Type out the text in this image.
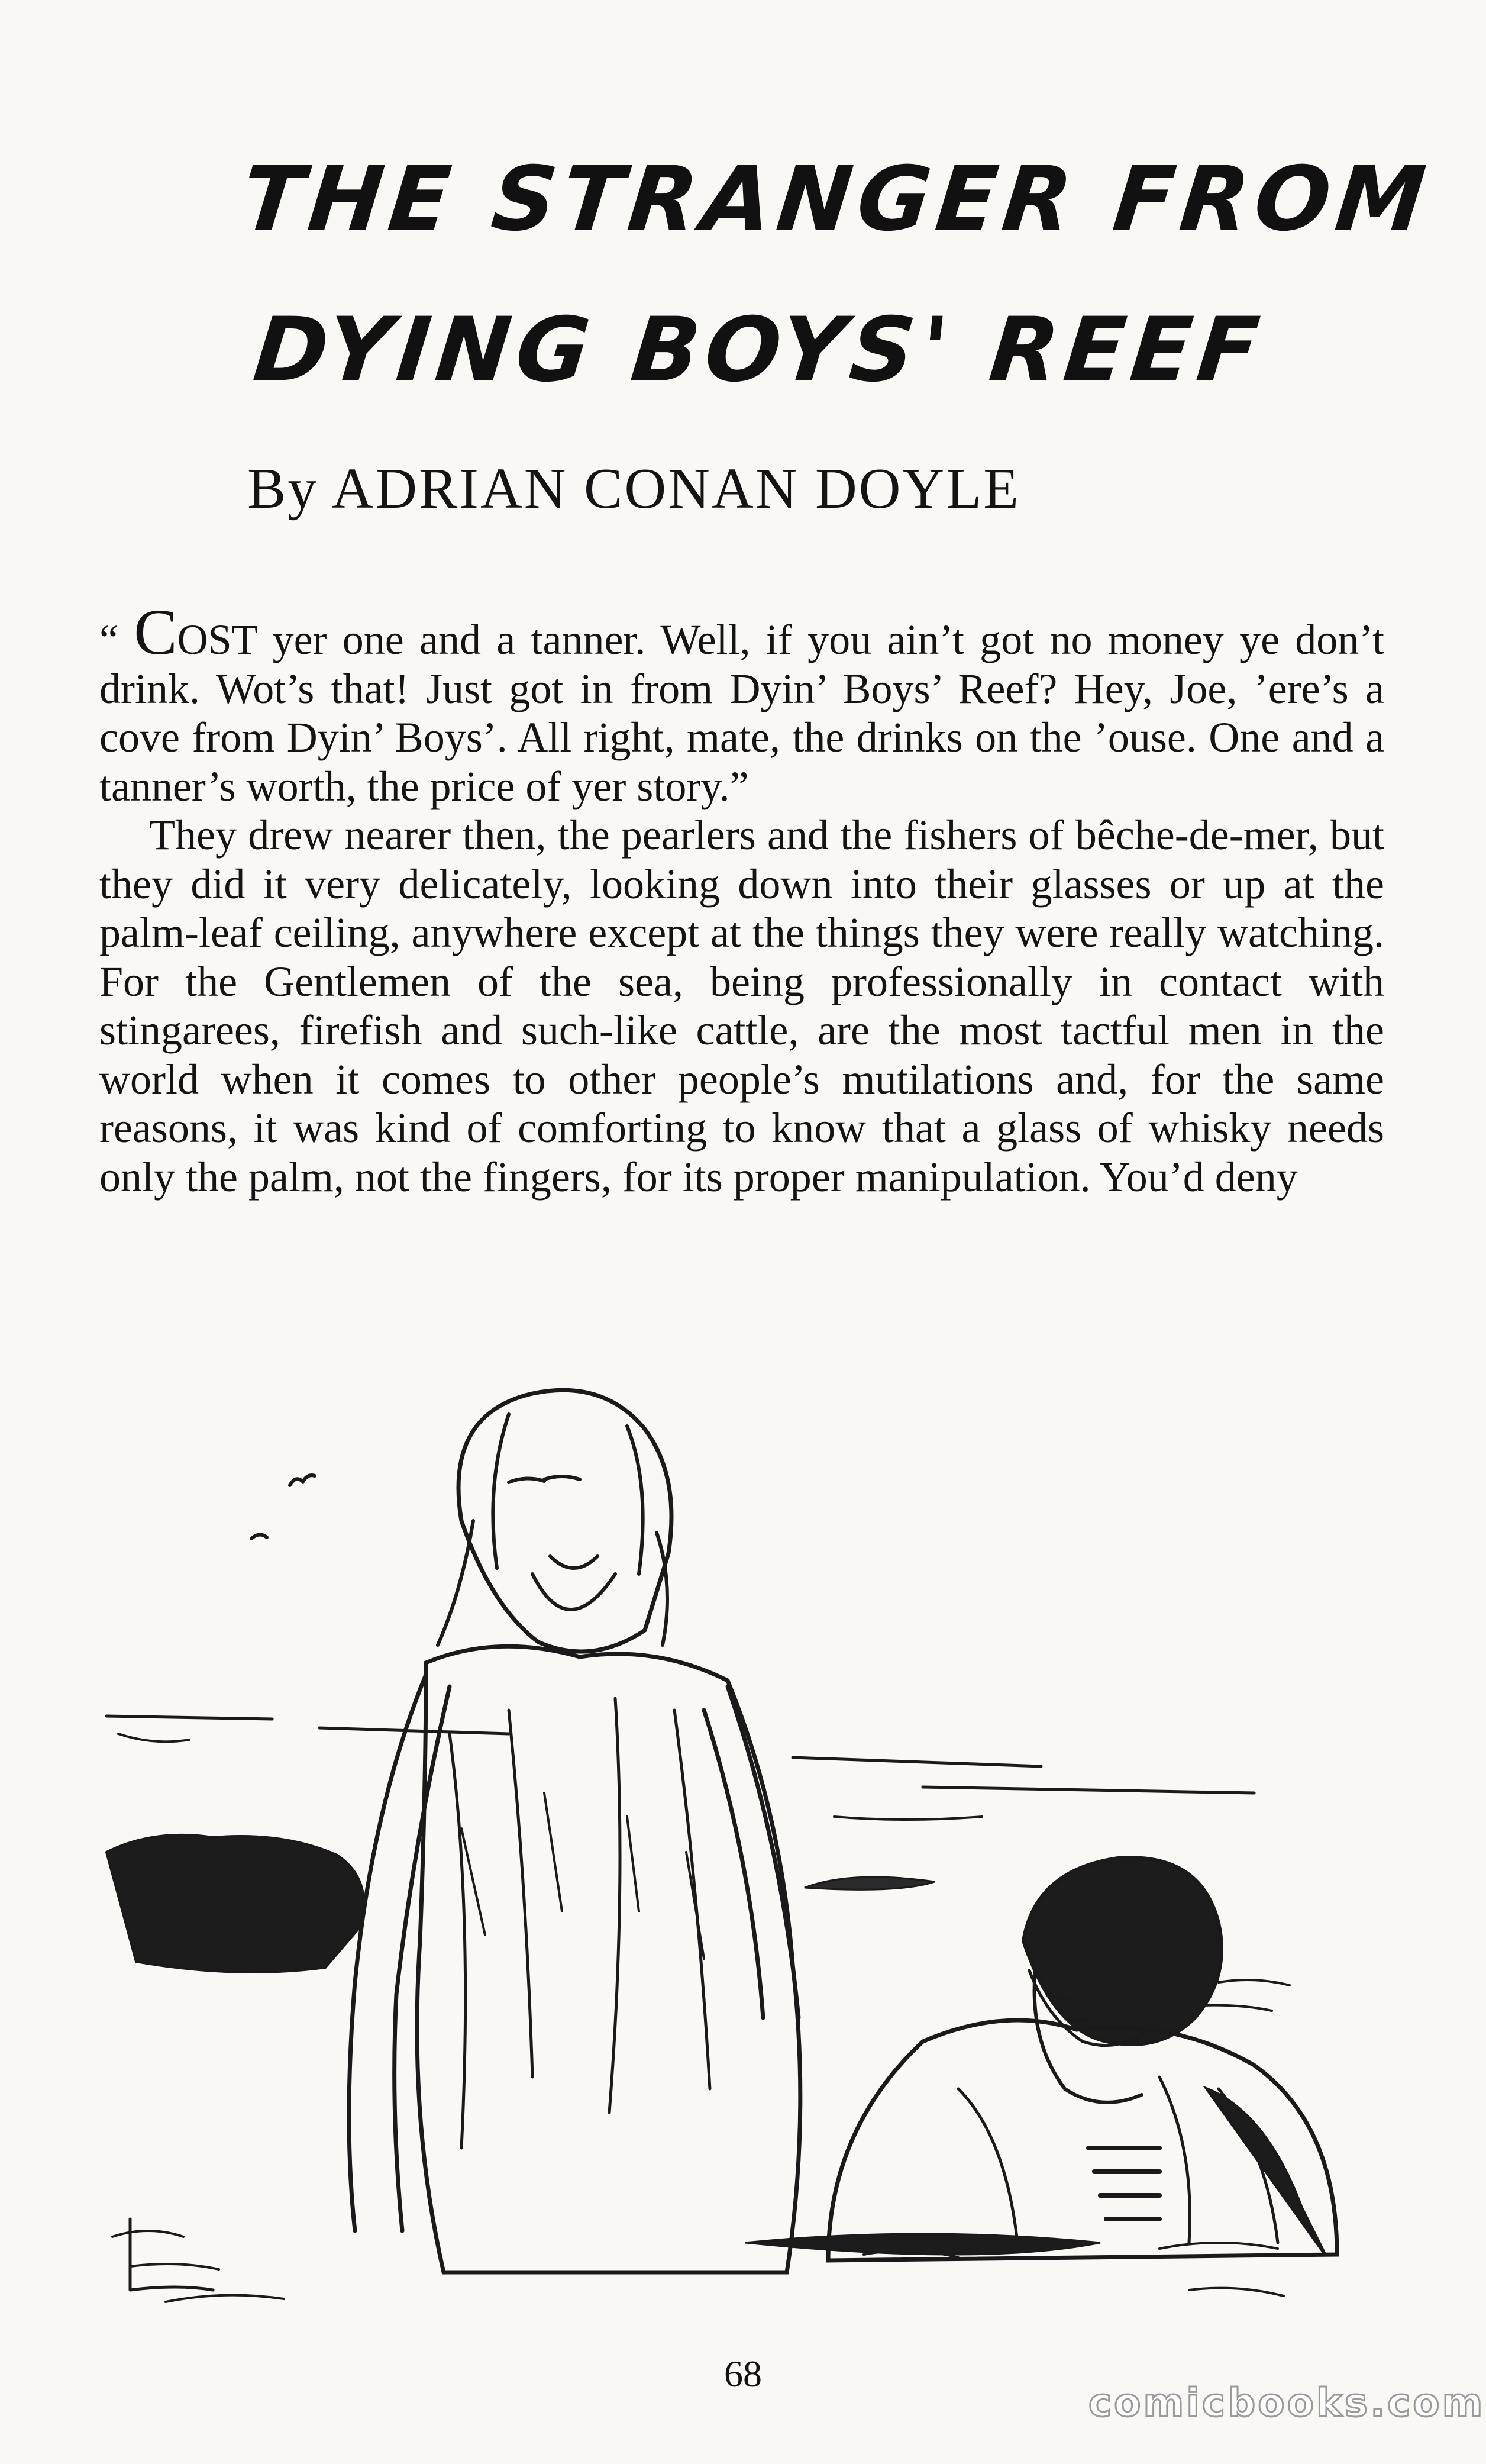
THE STRANGER FROM
DYING BOYS' REEF
By ADRIAN CONAN DOYLE

“ COST yer one and a tanner. Well, if you ain’t got no money ye don’t drink. Wot’s that! Just got in from Dyin’ Boys’ Reef? Hey, Joe, ’ere’s a cove from Dyin’ Boys’. All right, mate, the drinks on the ’ouse. One and a tanner’s worth, the price of yer story.”

They drew nearer then, the pearlers and the fishers of bêche-de-mer, but they did it very delicately, looking down into their glasses or up at the palm-leaf ceiling, anywhere except at the things they were really watching. For the Gentlemen of the sea, being professionally in contact with stingarees, firefish and such-like cattle, are the most tactful men in the world when it comes to other people’s mutilations and, for the same reasons, it was kind of comforting to know that a glass of whisky needs only the palm, not the fingers, for its proper manipulation. You’d deny

68
comicbooks.com
